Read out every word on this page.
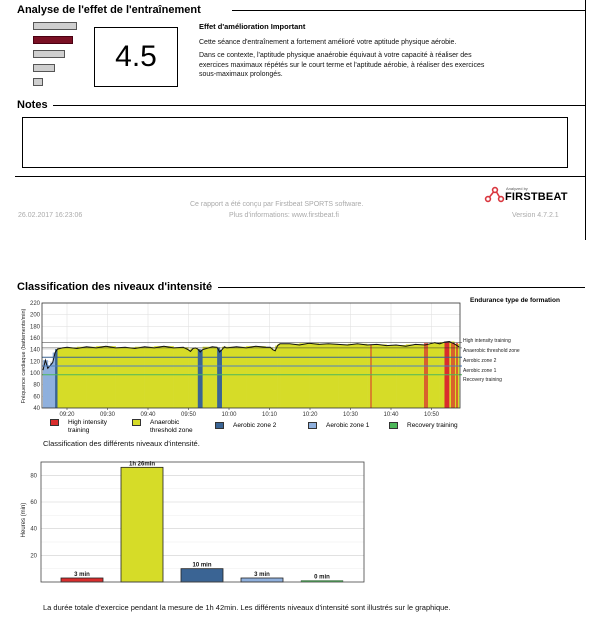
Analyse de l'effet de l'entraînement
4.5
Effet d'amélioration Important
Cette séance d'entraînement a fortement amélioré votre aptitude physique aérobie.
Dans ce contexte, l'aptitude physique anaérobie équivaut à votre capacité à réaliser des
exercices maximaux répétés sur le court terme et l'aptitude aérobie, à réaliser des exercices
sous-maximaux prolongés.
Notes
26.02.2017 16:23:06
Ce rapport a été conçu par Firstbeat SPORTS software.
Plus d'informations: www.firstbeat.fi	Version 4.7.2.1
Analyzed by
FIRSTBEAT
Classification des niveaux d'intensité
Endurance type de formation
High intensity training
Anaerobic threshold zone
Aerobic zone 2
Aerobic zone 1
Recovery training
40
60
80
100
120
140
160
180
200
220
09:20	09:30	09:40	09:50	10:00	10:10	10:20	10:30	10:40	10:50
Fréquence cardiaque (battements/min)
High intensity
training
Anaerobic
threshold zone
Aerobic zone 2	Aerobic zone 1	Recovery training
Classification des différents niveaux d'intensité.
3 min
1h 26min
10 min
3 min	0 min
20
40
60
80
Heures (min)
La durée totale d'exercice pendant la mesure de 1h 42min. Les différents niveaux d'intensité sont illustrés sur le graphique.
